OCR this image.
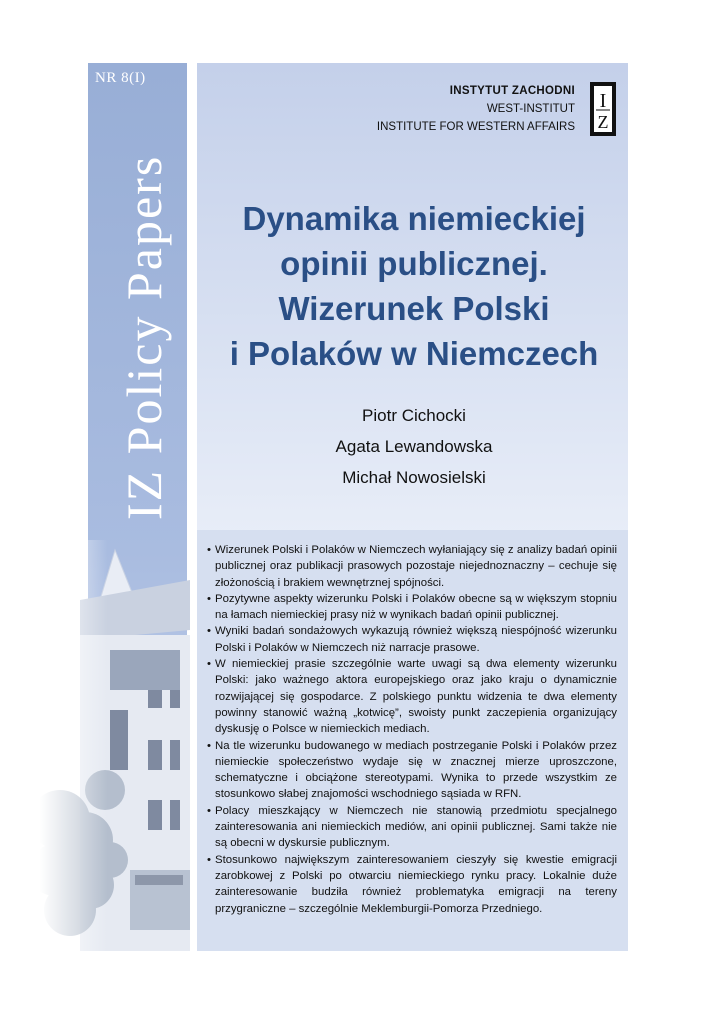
NR 8(I)
IZ Policy Papers
INSTYTUT ZACHODNI
WEST-INSTITUT
INSTITUTE FOR WESTERN AFFAIRS
I
Z
Dynamika niemieckiej
opinii publicznej.
Wizerunek Polski
i Polaków w Niemczech
Piotr Cichocki
Agata Lewandowska
Michał Nowosielski
• Wizerunek Polski i Polaków w Niemczech wyłaniający się z analizy badań opinii publicznej oraz publikacji prasowych pozostaje niejednoznaczny – cechuje się złożonością i brakiem wewnętrznej spójności.
• Pozytywne aspekty wizerunku Polski i Polaków obecne są w większym stopniu na łamach niemieckiej prasy niż w wynikach badań opinii publicznej.
• Wyniki badań sondażowych wykazują również większą niespójność wizerunku Polski i Polaków w Niemczech niż narracje prasowe.
• W niemieckiej prasie szczególnie warte uwagi są dwa elementy wizerunku Polski: jako ważnego aktora europejskiego oraz jako kraju o dynamicznie rozwijającej się gospodarce. Z polskiego punktu widzenia te dwa elementy powinny stanowić ważną „kotwicę”, swoisty punkt zaczepienia organizujący dyskusję o Polsce w niemieckich mediach.
• Na tle wizerunku budowanego w mediach postrzeganie Polski i Polaków przez niemieckie społeczeństwo wydaje się w znacznej mierze uproszczone, schematyczne i obciążone stereotypami. Wynika to przede wszystkim ze stosunkowo słabej znajomości wschodniego sąsiada w RFN.
• Polacy mieszkający w Niemczech nie stanowią przedmiotu specjalnego zainteresowania ani niemieckich mediów, ani opinii publicznej. Sami także nie są obecni w dyskursie publicznym.
• Stosunkowo największym zainteresowaniem cieszyły się kwestie emigracji zarobkowej z Polski po otwarciu niemieckiego rynku pracy. Lokalnie duże zainteresowanie budziła również problematyka emigracji na tereny przygraniczne – szczególnie Meklemburgii-Pomorza Przedniego.
